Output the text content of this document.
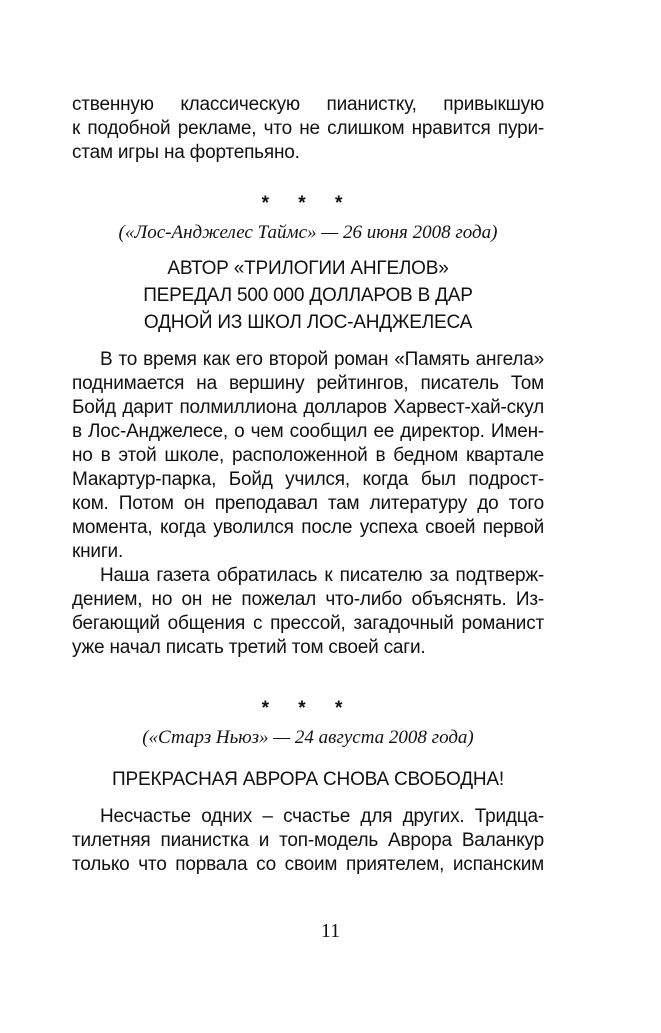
ственную классическую пианистку, привыкшую
к подобной рекламе, что не слишком нравится пури-
стам игры на фортепьяно.
* * *
(«Лос-Анджелес Таймс» — 26 июня 2008 года)
АВТОР «ТРИЛОГИИ АНГЕЛОВ»
ПЕРЕДАЛ 500 000 ДОЛЛАРОВ В ДАР
ОДНОЙ ИЗ ШКОЛ ЛОС-АНДЖЕЛЕСА
В то время как его второй роман «Память ангела»
поднимается на вершину рейтингов, писатель Том
Бойд дарит полмиллиона долларов Харвест-хай-скул
в Лос-Анджелесе, о чем сообщил ее директор. Имен-
но в этой школе, расположенной в бедном квартале
Макартур-парка, Бойд учился, когда был подрост-
ком. Потом он преподавал там литературу до того
момента, когда уволился после успеха своей первой
книги.
Наша газета обратилась к писателю за подтверж-
дением, но он не пожелал что-либо объяснять. Из-
бегающий общения с прессой, загадочный романист
уже начал писать третий том своей саги.
* * *
(«Старз Ньюз» — 24 августа 2008 года)
ПРЕКРАСНАЯ АВРОРА СНОВА СВОБОДНА!
Несчастье одних – счастье для других. Тридца-
тилетняя пианистка и топ-модель Аврора Валанкур
только что порвала со своим приятелем, испанским
11
